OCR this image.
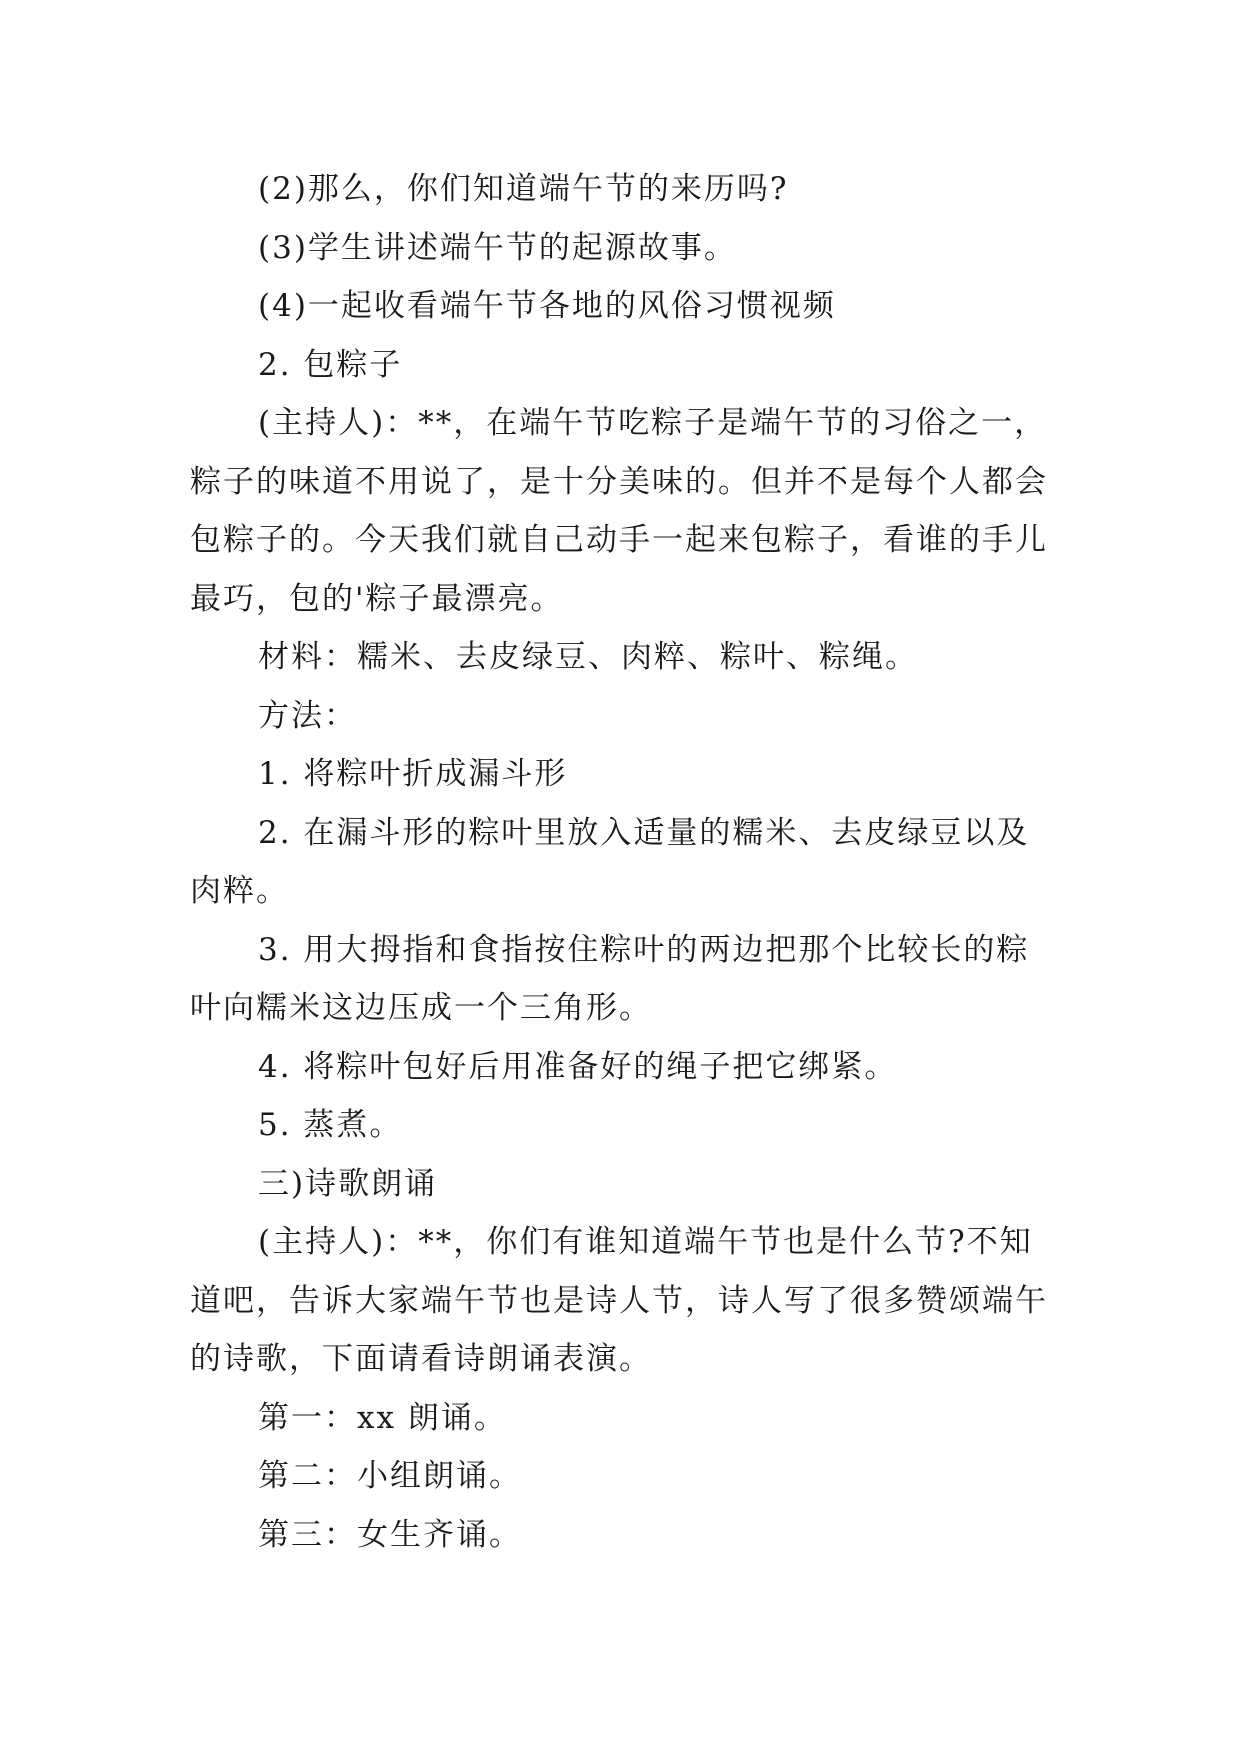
(2)那么，你们知道端午节的来历吗?

(3)学生讲述端午节的起源故事。

(4)一起收看端午节各地的风俗习惯视频

2. 包粽子

(主持人)：**，在端午节吃粽子是端午节的习俗之一，粽子的味道不用说了，是十分美味的。但并不是每个人都会包粽子的。今天我们就自己动手一起来包粽子，看谁的手儿最巧，包的'粽子最漂亮。

材料：糯米、去皮绿豆、肉粹、粽叶、粽绳。

方法：

1. 将粽叶折成漏斗形

2. 在漏斗形的粽叶里放入适量的糯米、去皮绿豆以及肉粹。

3. 用大拇指和食指按住粽叶的两边把那个比较长的粽叶向糯米这边压成一个三角形。

4. 将粽叶包好后用准备好的绳子把它绑紧。

5. 蒸煮。

三)诗歌朗诵

(主持人)：**，你们有谁知道端午节也是什么节?不知道吧，告诉大家端午节也是诗人节，诗人写了很多赞颂端午的诗歌，下面请看诗朗诵表演。

第一：xx 朗诵。

第二：小组朗诵。

第三：女生齐诵。
